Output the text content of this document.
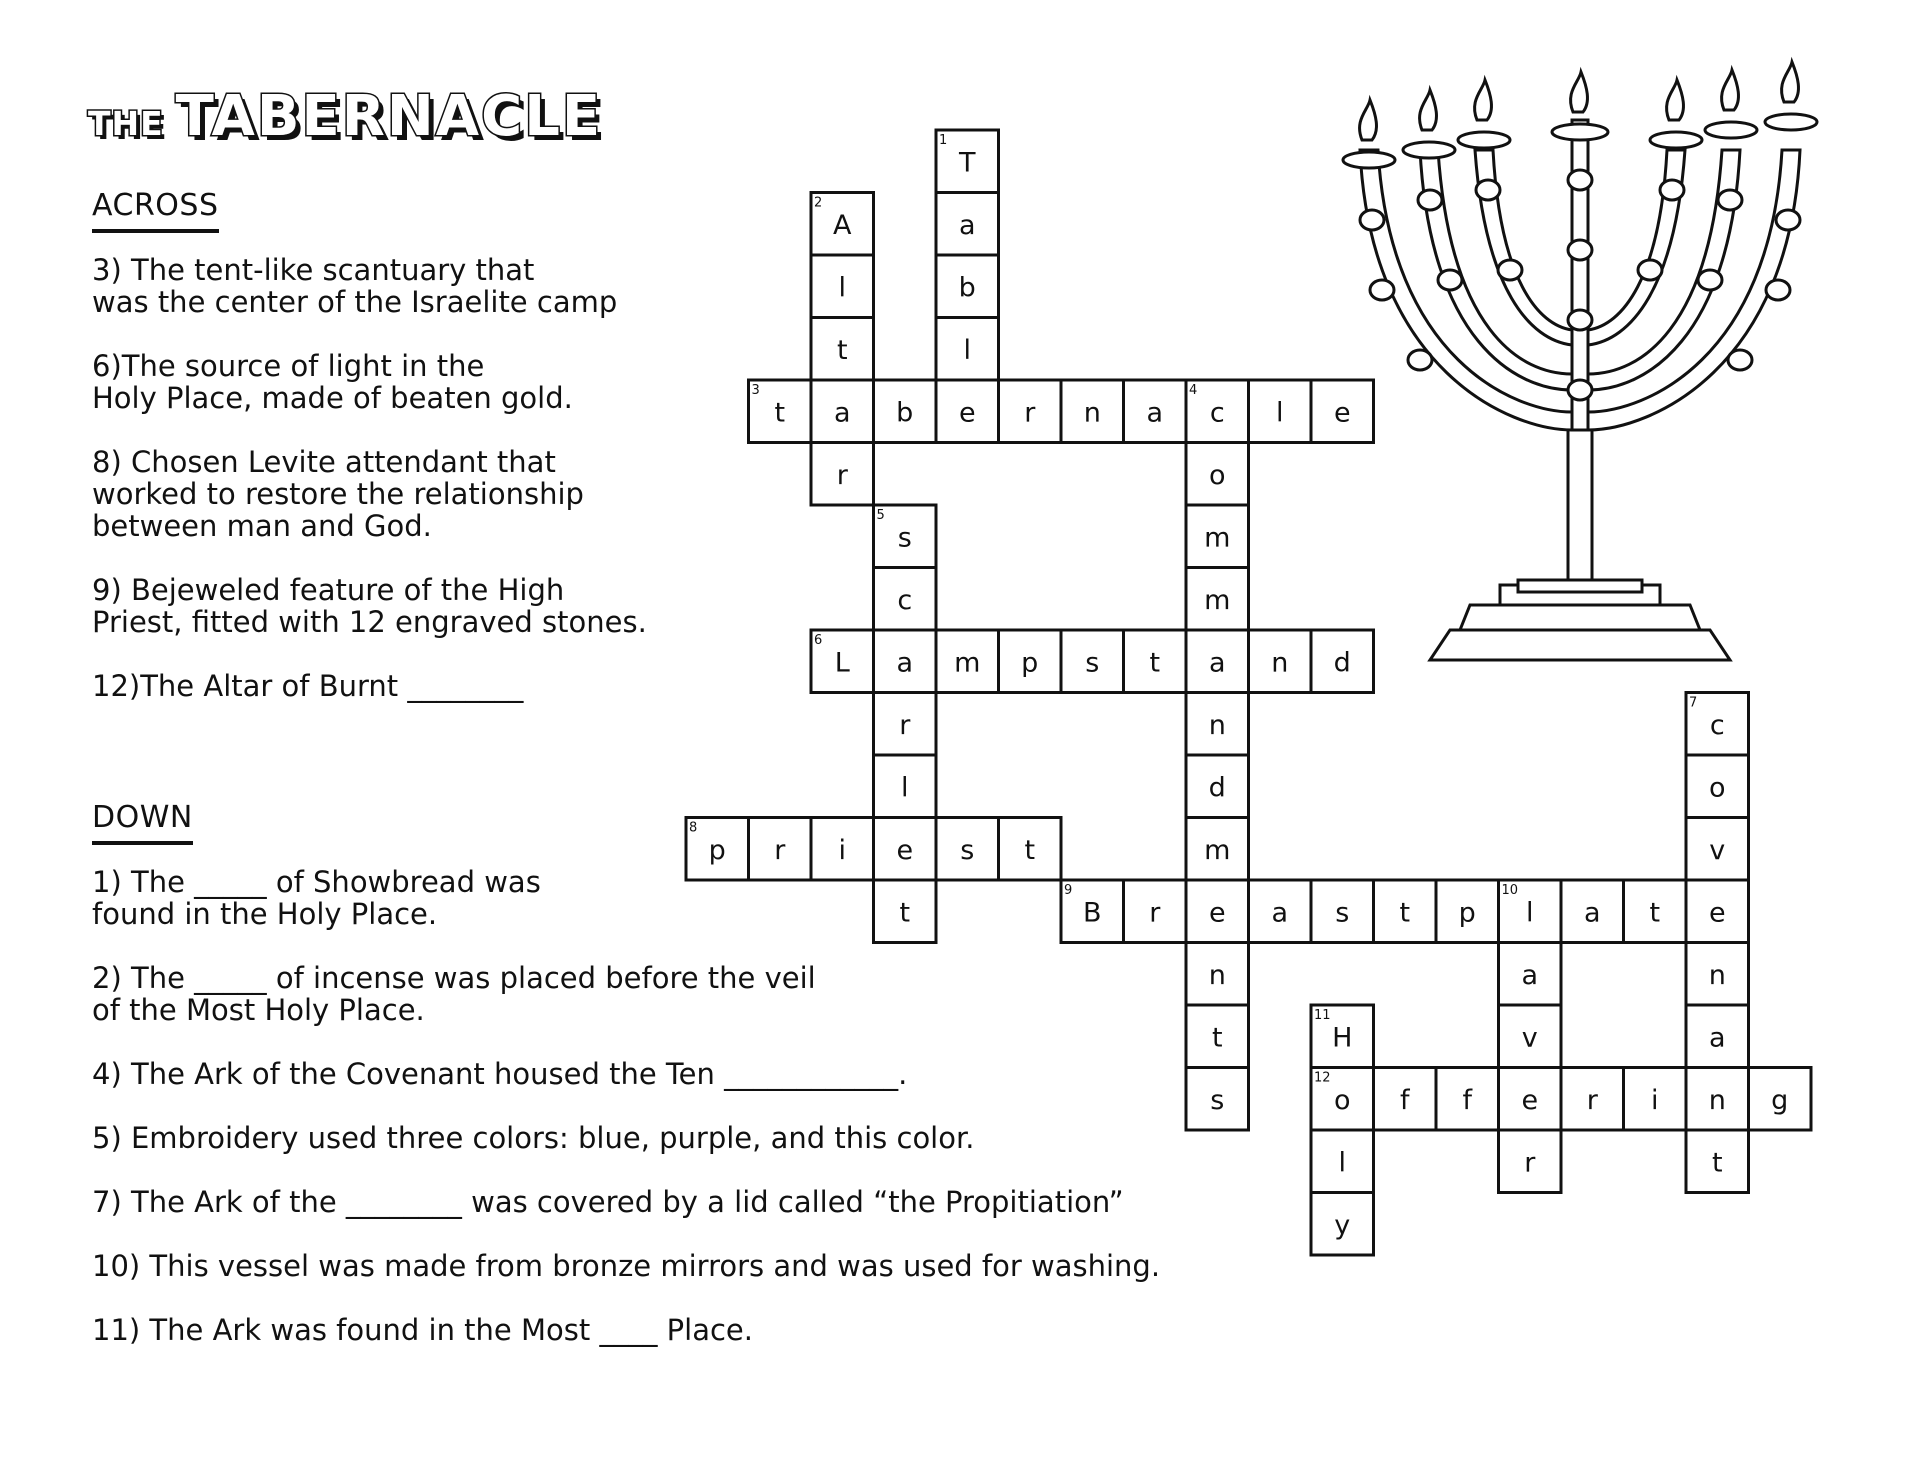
THE TABERNACLE
ACROSS
3) The tent-like scantuary that
was the center of the Israelite camp
6)The source of light in the
Holy Place, made of beaten gold.
8) Chosen Levite attendant that
worked to restore the relationship
between man and God.
9) Bejeweled feature of the High
Priest, fitted with 12 engraved stones.
12)The Altar of Burnt ________
DOWN
1) The _____ of Showbread was
found in the Holy Place.
2) The _____ of incense was placed before the veil
of the Most Holy Place.
4) The Ark of the Covenant housed the Ten ____________.
5) Embroidery used three colors: blue, purple, and this color.
7) The Ark of the ________ was covered by a lid called “the Propitiation”
10) This vessel was made from bronze mirrors and was used for washing.
11) The Ark was found in the Most ____ Place.
1
T
a
b
l
e
2
A
l
t
a
r
3
t	b	r n a
4
c l e
o
m
m
a
n
d
m
e
n
t
s
5
s
c
a
r
l
e
t
6
L	m p s t	n d
7
c
o
v
e
n
a
n
t
8
p r i	s t
9
B r	a s t p
10
l a t
a
v
e
r
11
H
12
o
l
y
f f	r i	g
